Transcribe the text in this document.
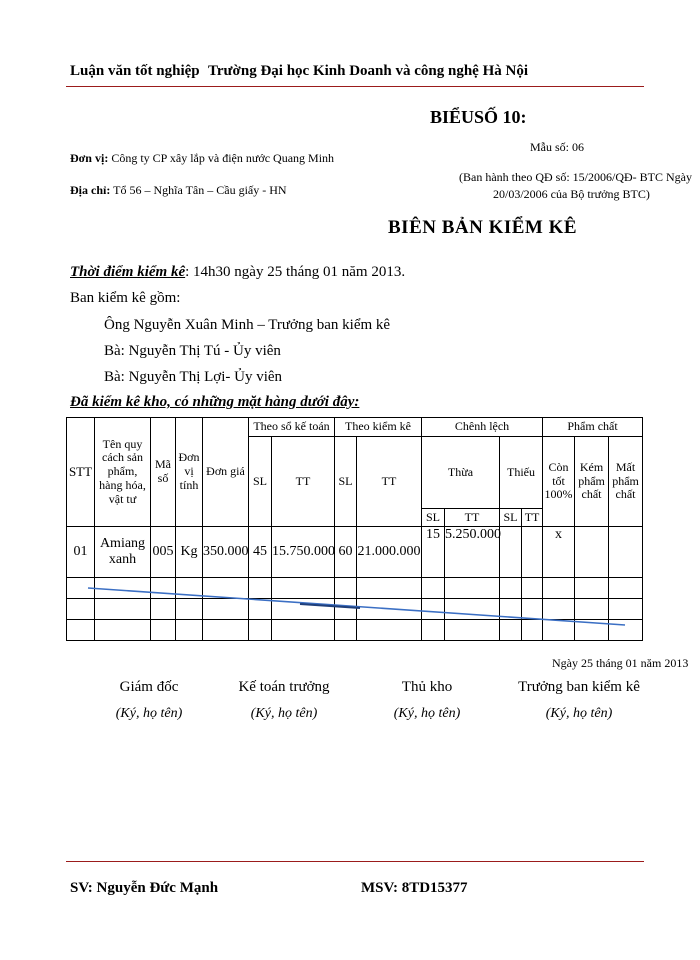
Luận văn tốt nghiệp Trường Đại học Kinh Doanh và công nghệ Hà Nội
BIỂUSỐ 10:
Mẫu số: 06
(Ban hành theo QĐ số: 15/2006/QĐ- BTC Ngày
20/03/2006 của Bộ trưởng BTC)
Đơn vị: Công ty CP xây lắp và điện nước Quang Minh
Địa chỉ: Tổ 56 – Nghĩa Tân – Cầu giấy - HN
BIÊN BẢN KIỂM KÊ
Thời điểm kiểm kê: 14h30 ngày 25 tháng 01 năm 2013.
Ban kiểm kê gồm:
Ông Nguyễn Xuân Minh – Trưởng ban kiểm kê
Bà: Nguyễn Thị Tú - Ủy viên
Bà: Nguyễn Thị Lợi- Ủy viên
Đã kiểm kê kho, có những mặt hàng dưới đây:
STT	Tên quy cách sản phẩm, hàng hóa, vật tư	Mã số	Đơn vị tính	Đơn giá	Theo sổ kế toán		Theo kiểm kê		Chênh lệch				Phẩm chất		
					SL	TT	SL	TT	Thừa		Thiếu		Còn tốt 100%	Kém phẩm chất	Mất phẩm chất
									SL	TT	SL	TT			
01	Amiang xanh	005	Kg	350.000	45	15.750.000	60	21.000.000	15	5.250.000			x		

Ngày 25 tháng 01 năm 2013
Giám đốc	Kế toán trưởng	Thủ kho	Trưởng ban kiểm kê
(Ký, họ tên)	(Ký, họ tên)	(Ký, họ tên)	(Ký, họ tên)
SV: Nguyễn Đức Mạnh	MSV: 8TD15377
